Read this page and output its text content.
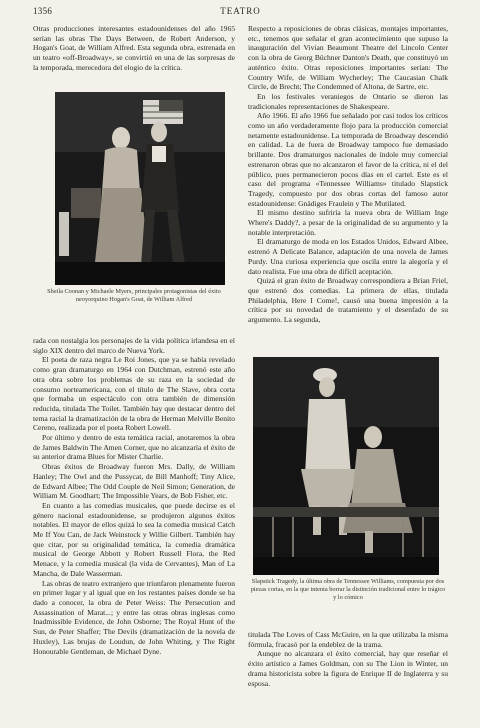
1356	TEATRO

Otras producciones interesantes estadounidenses del año 1965 serían las obras The Days Between, de Robert Anderson, y Hogan's Goat, de William Alfred. Esta segunda obra, estrenada en un teatro «off-Broadway», se convirtió en una de las sorpresas de la temporada, merecedora del elogio de la crítica.

Sheila Coonan y Michaele Myers, principales protagonistas del éxito neoyorquino Hogan's Goat, de William Alfred

rada con nostalgia los personajes de la vida política irlandesa en el siglo XIX dentro del marco de Nueva York.

El poeta de raza negra Le Roi Jones, que ya se había revelado como gran dramaturgo en 1964 con Dutchman, estrenó este año otra obra sobre los problemas de su raza en la sociedad de consumo norteamericana, con el título de The Slave, obra corta que formaba un espectáculo con otra también de dimensión reducida, titulada The Toilet. También hay que destacar dentro del tema racial la dramatización de la obra de Herman Melville Benito Cereno, realizada por el poeta Robert Lowell.

Por último y dentro de esta temática racial, anotaremos la obra de James Baldwin The Amen Corner, que no alcanzaría el éxito de su anterior drama Blues for Mister Charlie.

Obras éxitos de Broadway fueron Mrs. Dally, de William Hanley; The Owl and the Pussycat, de Bill Manhoff; Tiny Alice, de Edward Albee; The Odd Couple de Neil Simon; Generation, de William M. Goodhart; The Impossible Years, de Bob Fisher, etc.

En cuanto a las comedias musicales, que puede decirse es el género nacional estadounidense, se produjeron algunos éxitos notables. El mayor de ellos quizá lo sea la comedia musical Catch Me If You Can, de Jack Weinstock y Willie Gilbert. También hay que citar, por su originalidad temática, la comedia dramática musical de George Abbott y Robert Russell Flora, the Red Menace, y la comedia musical (la vida de Cervantes), Man of La Mancha, de Dale Wasserman.

Las obras de teatro extranjero que triunfaron plenamente fueron en primer lugar y al igual que en los restantes países donde se ha dado a conocer, la obra de Peter Weiss: The Persecution and Assassination of Marat...; y entre las otras obras inglesas como Inadmissible Evidence, de John Osborne; The Royal Hunt of the Sun, de Peter Shaffer; The Devils (dramatización de la novela de Huxley), Las brujas de Loudun, de John Whiting, y The Right Honourable Gentleman, de Michael Dyne.

Respecto a reposiciones de obras clásicas, montajes importantes, etc., tenemos que señalar el gran acontecimiento que supuso la inauguración del Vivian Beaumont Theatre del Lincoln Center con la obra de Georg Büchner Danton's Death, que constituyó un auténtico éxito. Otras reposiciones importantes serían: The Country Wife, de William Wycherley; The Caucasian Chalk Circle, de Brecht; The Condemned of Altona, de Sartre, etc.

En los festivales veraniegos de Ontario se dieron las tradicionales representaciones de Shakespeare.

Año 1966. El año 1966 fue señalado por casi todos los críticos como un año verdaderamente flojo para la producción comercial netamente estadounidense. La temporada de Broadway descendió en calidad. La de fuera de Broadway tampoco fue demasiado brillante. Dos dramaturgos nacionales de índole muy comercial estrenaron obras que no alcanzaron el favor de la crítica, ni el del público, pues permanecieron pocos días en el cartel. Este es el caso del programa «Tennessee Williams» titulado Slapstick Tragedy, compuesto por dos obras cortas del famoso autor estadounidense: Gnädiges Fraulein y The Mutilated.

El mismo destino sufriría la nueva obra de William Inge Where's Daddy?, a pesar de la originalidad de su argumento y la notable interpretación.

El dramaturgo de moda en los Estados Unidos, Edward Albee, estrenó A Delicate Balance, adaptación de una novela de James Purdy. Una curiosa experiencia que oscila entre la alegoría y el dato realista. Fue una obra de difícil aceptación.

Quizá el gran éxito de Broadway correspondiera a Brian Friel, que estrenó dos comedias. La primera de ellas, titulada Philadelphia, Here I Come!, causó una buena impresión a la crítica por su novedad de tratamiento y el desenfado de su argumento. La segunda,

Slapstick Tragedy, la última obra de Tennessee Williams, compuesta por dos piezas cortas, en la que intenta borrar la distinción tradicional entre lo trágico y lo cómico

titulada The Loves of Cass McGuire, en la que utilizaba la misma fórmula, fracasó por la endeblez de la trama.

Aunque no alcanzara el éxito comercial, hay que reseñar el éxito artístico a James Goldman, con su The Lion in Winter, un drama historicista sobre la figura de Enrique II de Inglaterra y su esposa.
